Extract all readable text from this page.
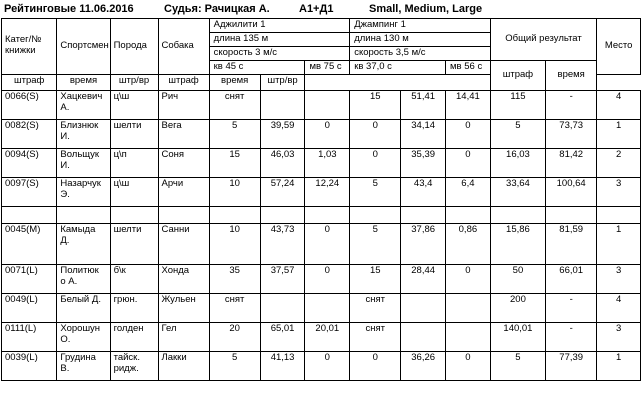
Рейтинговые 11.06.2016	Судья: Рачицкая А.	А1+Д1	Small, Medium, Large
Катег/№ книжки	Спортсмен	Порода	Собака	Аджилити 1			Джампинг 1			Общий результат		Место
				длина 135 м			длина 130 м					
				скорость 3 м/с			скорость 3,5 м/с					
				кв 45 с		мв 75 с	кв 37,0 с		мв 56 с	штраф	время	
штраф	время	штр/вр	штраф	время	штр/вр							
0066(S)	Хацкевич А.	ц\ш	Рич	снят			15	51,41	14,41	115	-	4
0082(S)	Близнюк И.	шелти	Вега	5	39,59	0	0	34,14	0	5	73,73	1
0094(S)	Вольщук И.	ц\п	Соня	15	46,03	1,03	0	35,39	0	16,03	81,42	2
0097(S)	Назарчук Э.	ц\ш	Арчи	10	57,24	12,24	5	43,4	6,4	33,64	100,64	3

0045(M)	Камыда Д.	шелти	Санни	10	43,73	0	5	37,86	0,86	15,86	81,59	1
0071(L)	Политюк о А.	б\к	Хонда	35	37,57	0	15	28,44	0	50	66,01	3
0049(L)	Белый Д.	грюн.	Жульен	снят			снят			200	-	4
0111(L)	Хорошун О.	голден	Гел	20	65,01	20,01	снят			140,01	-	3
0039(L)	Грудина В.	тайск. ридж.	Лакки	5	41,13	0	0	36,26	0	5	77,39	1
